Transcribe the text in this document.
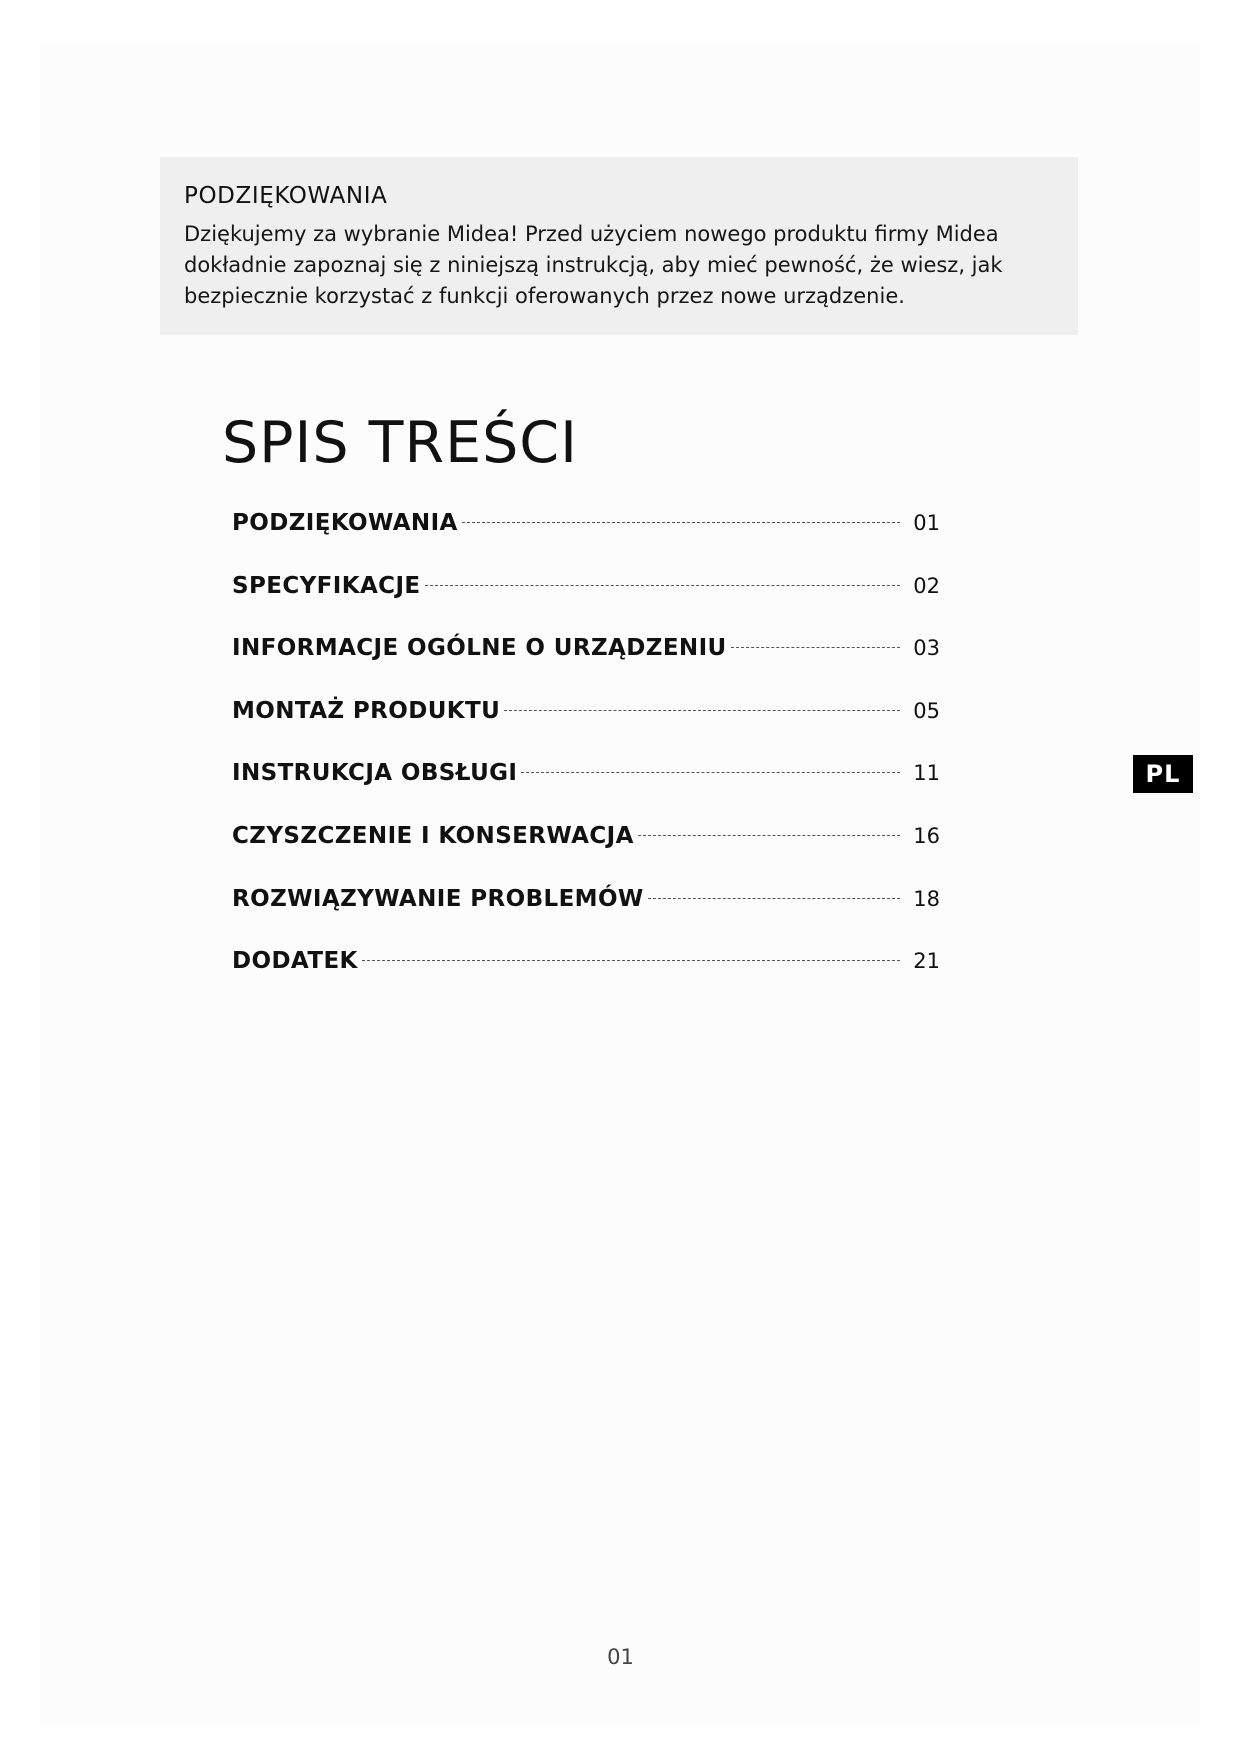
PODZIĘKOWANIA

Dziękujemy za wybranie Midea! Przed użyciem nowego produktu firmy Midea
dokładnie zapoznaj się z niniejszą instrukcją, aby mieć pewność, że wiesz, jak
bezpiecznie korzystać z funkcji oferowanych przez nowe urządzenie.

SPIS TREŚCI
PODZIĘKOWANIA	01
SPECYFIKACJE	02
INFORMACJE OGÓLNE O URZĄDZENIU	03
MONTAŻ PRODUKTU	05
INSTRUKCJA OBSŁUGI	11
CZYSZCZENIE I KONSERWACJA	16
ROZWIĄZYWANIE PROBLEMÓW	18
DODATEK	21
PL
01
